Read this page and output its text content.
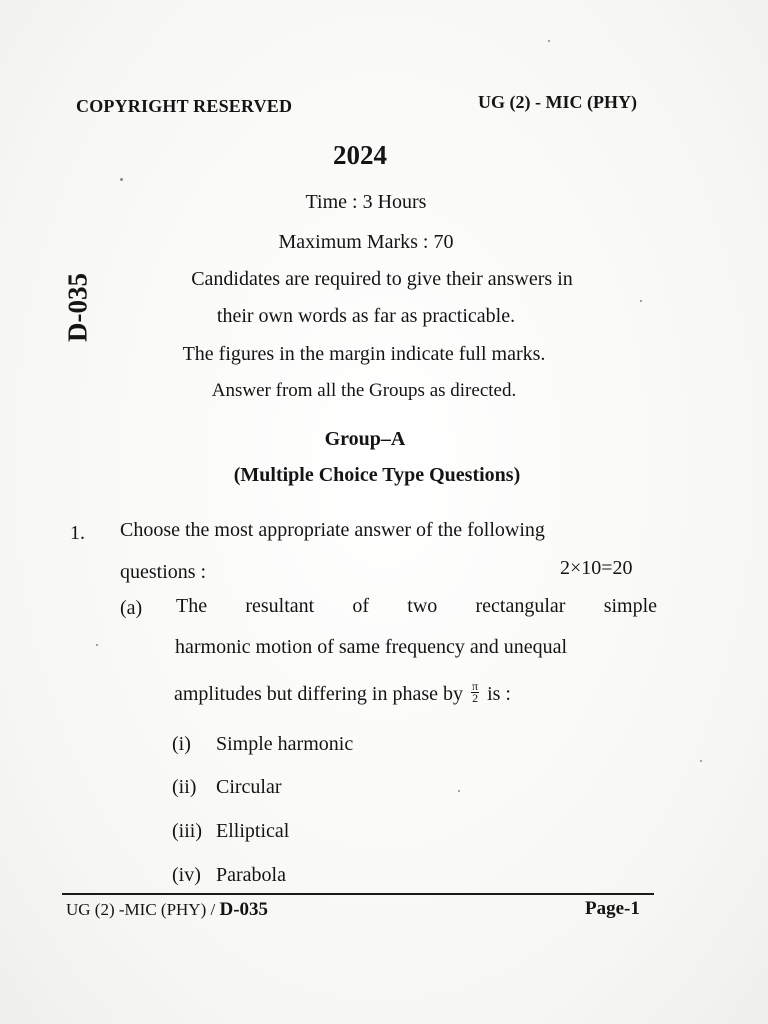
COPYRIGHT RESERVED	UG (2) - MIC (PHY)
2024
Time : 3 Hours
Maximum Marks : 70
D-035	Candidates are required to give their answers in
their own words as far as practicable.
The figures in the margin indicate full marks.
Answer from all the Groups as directed.
Group–A
(Multiple Choice Type Questions)
1. Choose the most appropriate answer of the following
questions :	2×10=20
(a) The resultant of two rectangular simple
harmonic motion of same frequency and unequal
amplitudes but differing in phase by $\frac{\pi}{2}$ is :
(i) Simple harmonic
(ii) Circular
(iii) Elliptical
(iv) Parabola
UG (2) -MIC (PHY) / D-035	Page-1
